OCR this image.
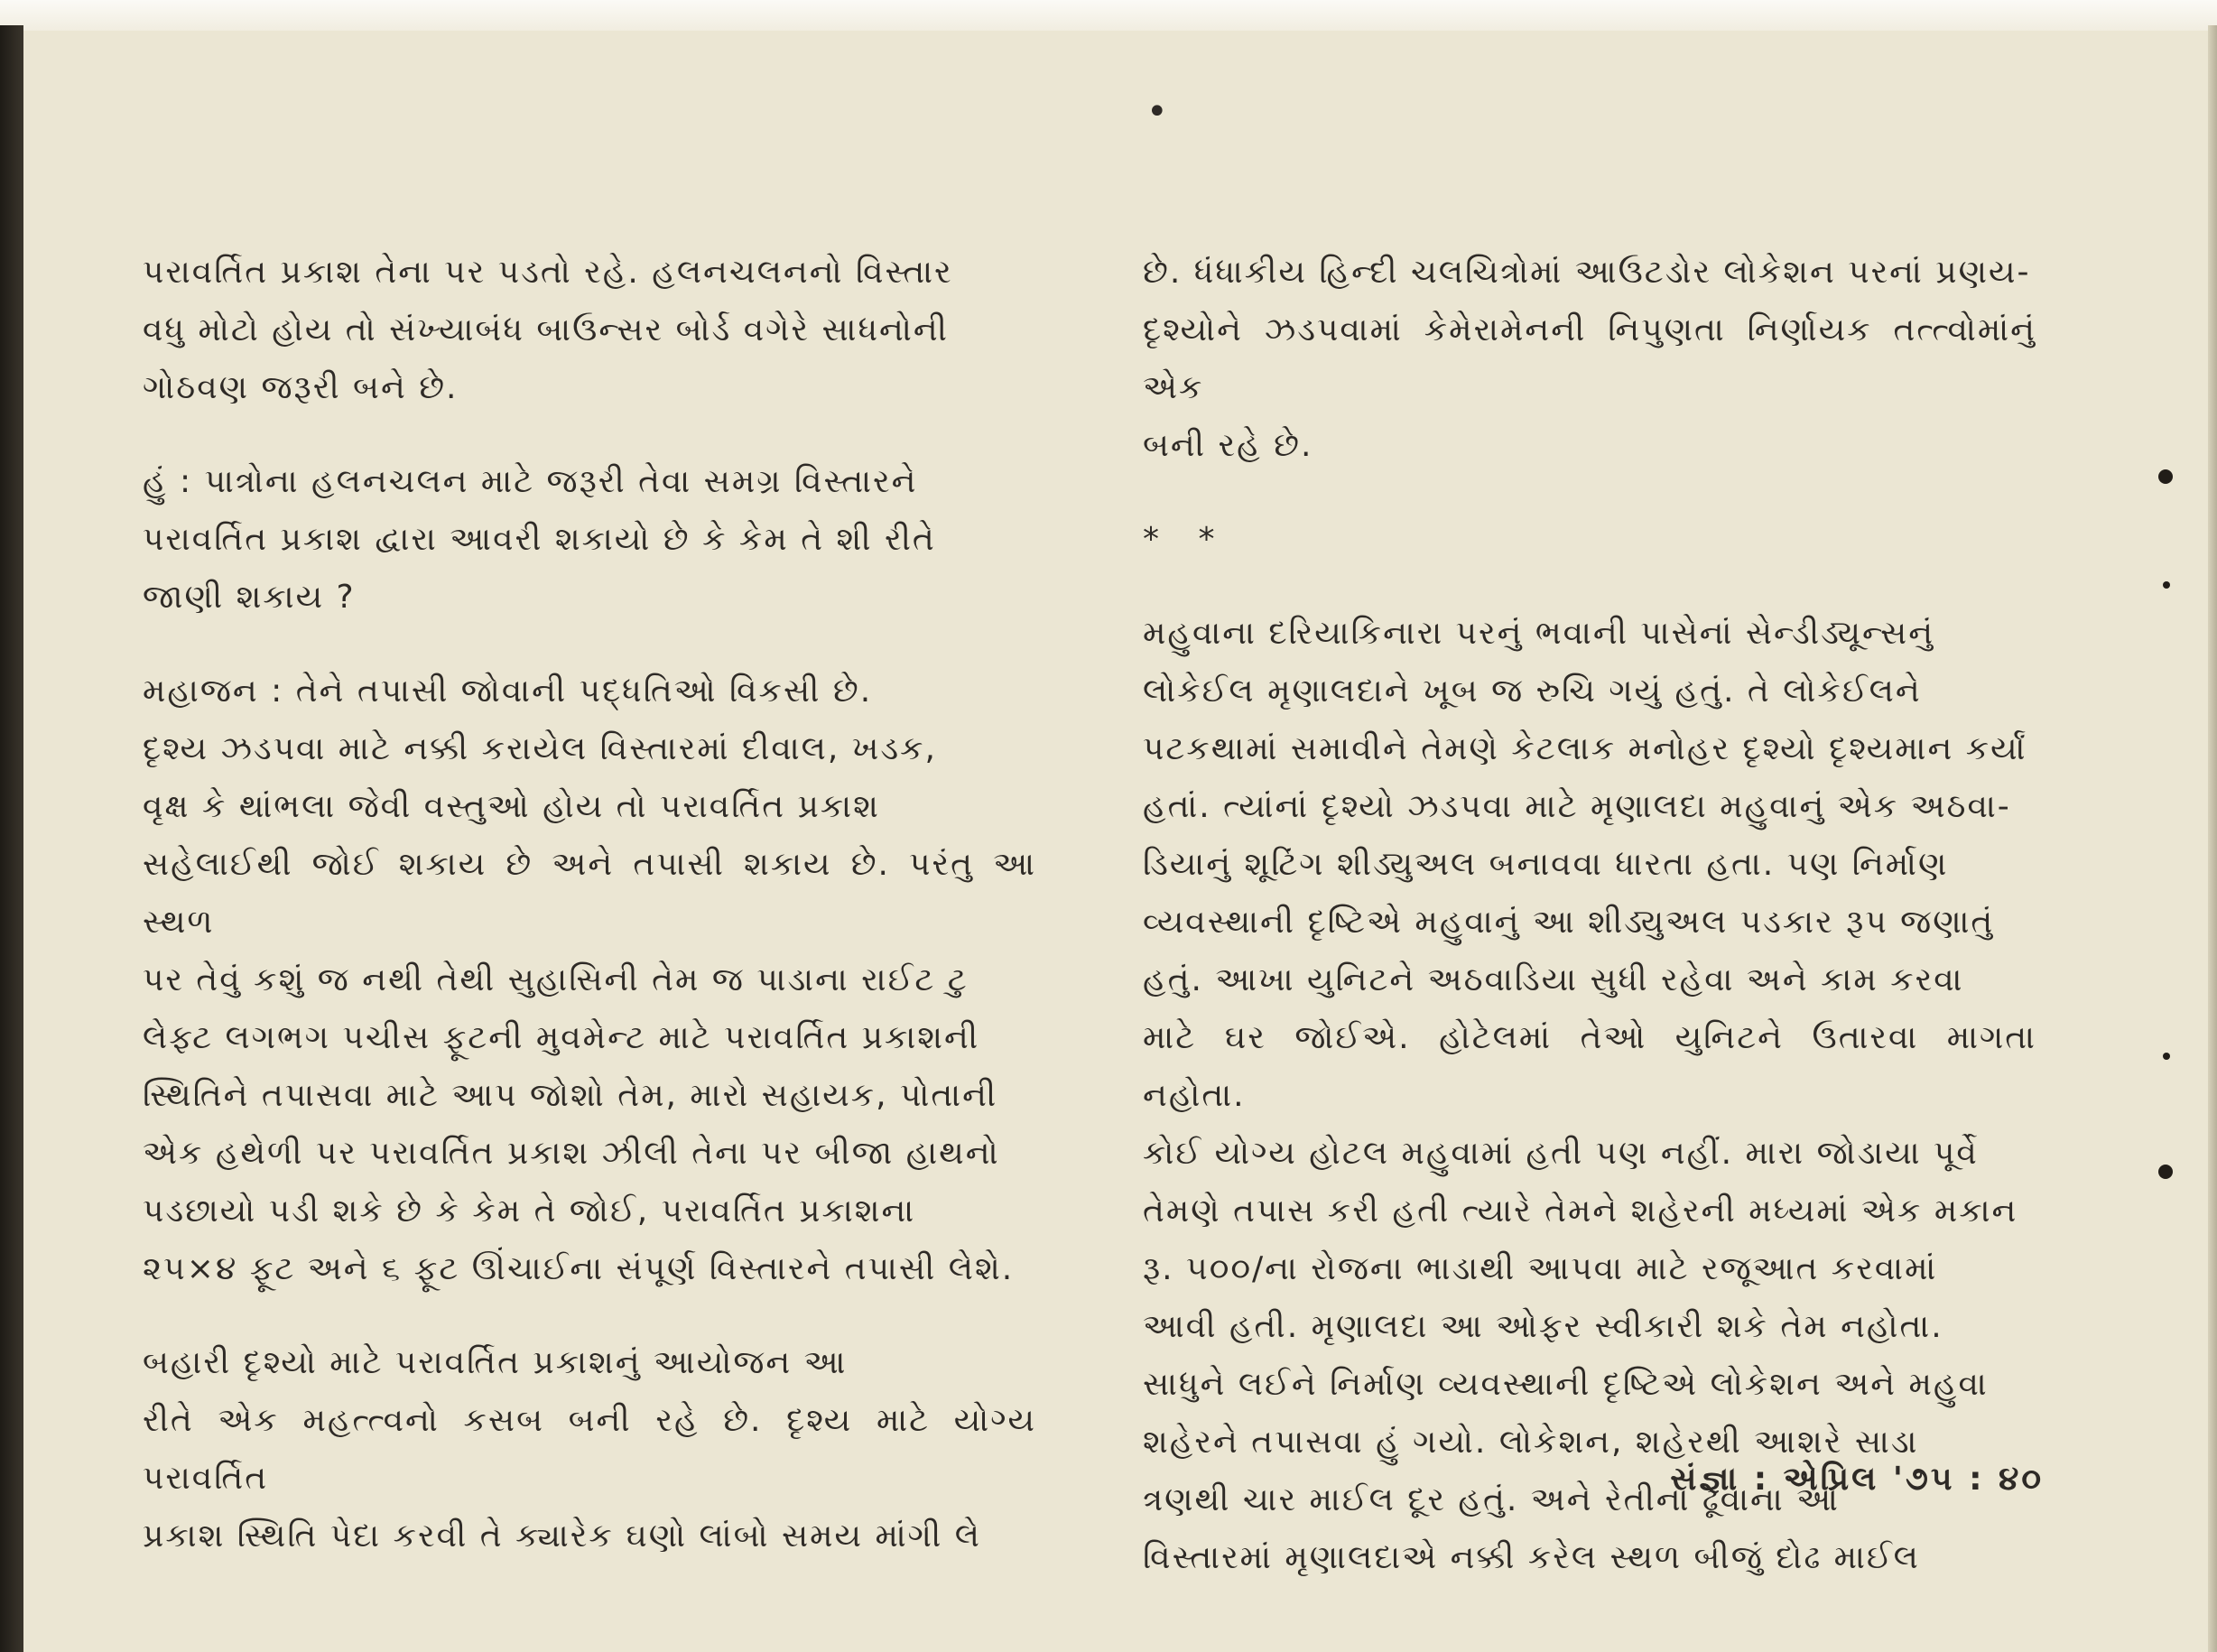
•

પરાવર્તિત પ્રકાશ તેના પર પડતો રહે. હલનચલનનો વિસ્તાર
વધુ મોટો હોય તો સંખ્યાબંધ બાઉન્સર બોર્ડ વગેરે સાધનોની
ગોઠવણ જરૂરી બને છે.

હું : પાત્રોના હલનચલન માટે જરૂરી તેવા સમગ્ર વિસ્તારને
પરાવર્તિત પ્રકાશ દ્વારા આવરી શકાયો છે કે કેમ તે શી રીતે
જાણી શકાય ?

મહાજન : તેને તપાસી જોવાની પદ્ધતિઓ વિકસી છે.
દૃશ્ય ઝડપવા માટે નક્કી કરાયેલ વિસ્તારમાં દીવાલ, ખડક,
વૃક્ષ કે થાંભલા જેવી વસ્તુઓ હોય તો પરાવર્તિત પ્રકાશ
સહેલાઈથી જોઈ શકાય છે અને તપાસી શકાય છે. પરંતુ આ સ્થળ
પર તેવું કશું જ નથી તેથી સુહાસિની તેમ જ પાડાના રાઈટ ટુ
લેફ્ટ લગભગ પચીસ ફૂટની મુવમેન્ટ માટે પરાવર્તિત પ્રકાશની
સ્થિતિને તપાસવા માટે આપ જોશો તેમ, મારો સહાયક, પોતાની
એક હથેળી પર પરાવર્તિત પ્રકાશ ઝીલી તેના પર બીજા હાથનો
પડછાયો પડી શકે છે કે કેમ તે જોઈ, પરાવર્તિત પ્રકાશના
૨૫×૪ ફૂટ અને ૬ ફૂટ ઊંચાઈના સંપૂર્ણ વિસ્તારને તપાસી લેશે.

બહારી દૃશ્યો માટે પરાવર્તિત પ્રકાશનું આયોજન આ
રીતે એક મહત્ત્વનો કસબ બની રહે છે. દૃશ્ય માટે યોગ્ય પરાવર્તિત
પ્રકાશ સ્થિતિ પેદા કરવી તે ક્યારેક ઘણો લાંબો સમય માંગી લે

છે. ધંધાકીય હિન્દી ચલચિત્રોમાં આઉટડોર લોકેશન પરનાં પ્રણય-
દૃશ્યોને ઝડપવામાં કેમેરામેનની નિપુણતા નિર્ણાયક તત્ત્વોમાંનું એક
બની રહે છે.

* *

મહુવાના દરિયાકિનારા પરનું ભવાની પાસેનાં સેન્ડીડ્યૂન્સનું
લોકેઈલ મૃણાલદાને ખૂબ જ રુચિ ગયું હતું. તે લોકેઈલને
પટકથામાં સમાવીને તેમણે કેટલાક મનોહર દૃશ્યો દૃશ્યમાન કર્યાં
હતાં. ત્યાંનાં દૃશ્યો ઝડપવા માટે મૃણાલદા મહુવાનું એક અઠવા-
ડિયાનું શૂટિંગ શીડ્યુઅલ બનાવવા ધારતા હતા. પણ નિર્માણ
વ્યવસ્થાની દૃષ્ટિએ મહુવાનું આ શીડ્યુઅલ પડકાર રૂપ જણાતું
હતું. આખા યુનિટને અઠવાડિયા સુધી રહેવા અને કામ કરવા
માટે ઘર જોઈએ. હોટેલમાં તેઓ યુનિટને ઉતારવા માગતા નહોતા.
કોઈ યોગ્ય હોટલ મહુવામાં હતી પણ નહીં. મારા જોડાયા પૂર્વે
તેમણે તપાસ કરી હતી ત્યારે તેમને શહેરની મધ્યમાં એક મકાન
રૂ. ૫૦૦/ના રોજના ભાડાથી આપવા માટે રજૂઆત કરવામાં
આવી હતી. મૃણાલદા આ ઓફર સ્વીકારી શકે તેમ નહોતા.
સાધુને લઈને નિર્માણ વ્યવસ્થાની દૃષ્ટિએ લોકેશન અને મહુવા
શહેરને તપાસવા હું ગયો. લોકેશન, શહેરથી આશરે સાડા
ત્રણથી ચાર માઈલ દૂર હતું. અને રેતીના ઢૂવાના આ
વિસ્તારમાં મૃણાલદાએ નક્કી કરેલ સ્થળ બીજું દોઢ માઈલ

સંજ્ઞા : એપ્રિલ '૭૫ : ૪૦
